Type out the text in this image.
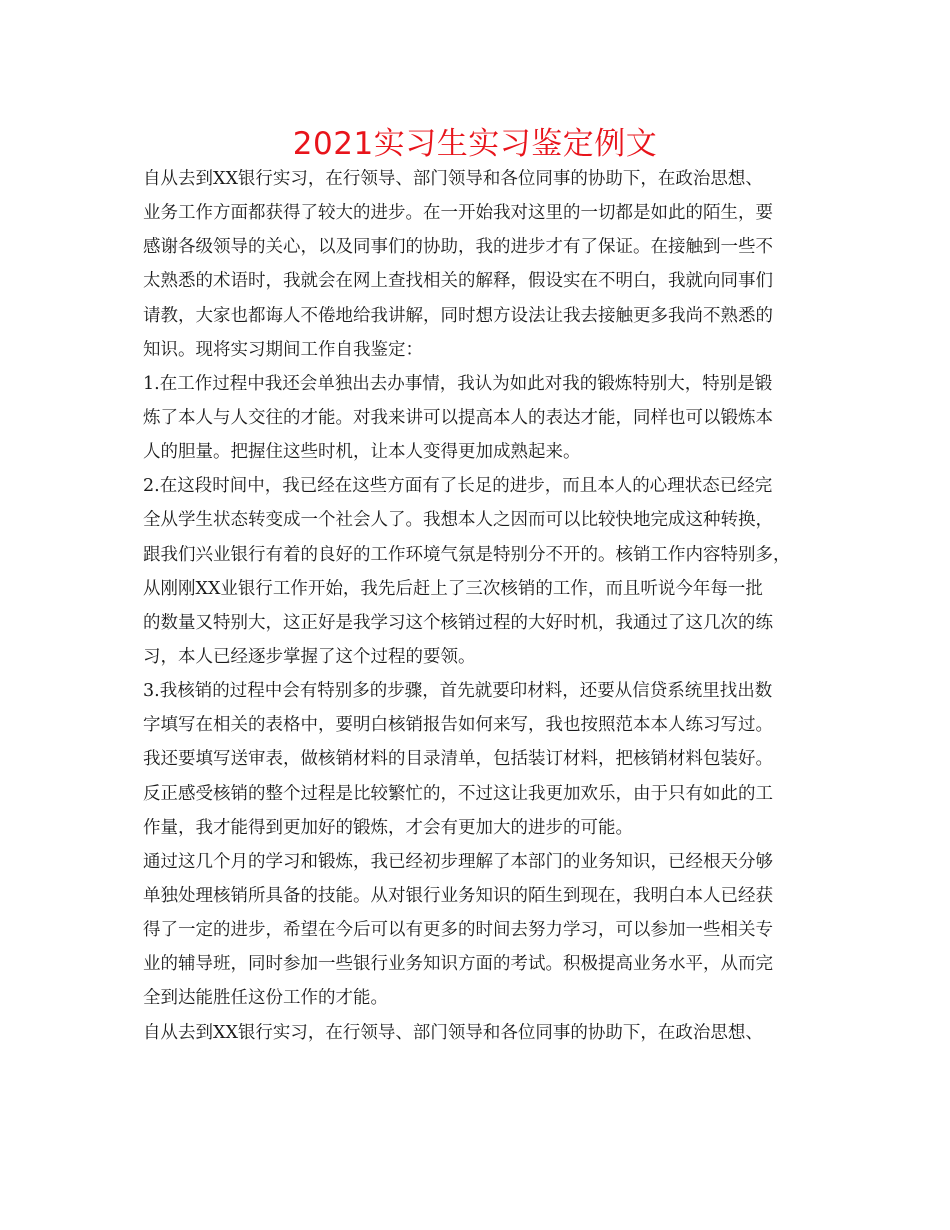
2021实习生实习鉴定例文
自从去到XX银行实习，在行领导、部门领导和各位同事的协助下，在政治思想、
业务工作方面都获得了较大的进步。在一开始我对这里的一切都是如此的陌生，要
感谢各级领导的关心，以及同事们的协助，我的进步才有了保证。在接触到一些不
太熟悉的术语时，我就会在网上查找相关的解释，假设实在不明白，我就向同事们
请教，大家也都诲人不倦地给我讲解，同时想方设法让我去接触更多我尚不熟悉的
知识。现将实习期间工作自我鉴定：
1.在工作过程中我还会单独出去办事情，我认为如此对我的锻炼特别大，特别是锻
炼了本人与人交往的才能。对我来讲可以提高本人的表达才能，同样也可以锻炼本
人的胆量。把握住这些时机，让本人变得更加成熟起来。
2.在这段时间中，我已经在这些方面有了长足的进步，而且本人的心理状态已经完
全从学生状态转变成一个社会人了。我想本人之因而可以比较快地完成这种转换，
跟我们兴业银行有着的良好的工作环境气氛是特别分不开的。核销工作内容特别多，
从刚刚XX业银行工作开始，我先后赶上了三次核销的工作，而且听说今年每一批
的数量又特别大，这正好是我学习这个核销过程的大好时机，我通过了这几次的练
习，本人已经逐步掌握了这个过程的要领。
3.我核销的过程中会有特别多的步骤，首先就要印材料，还要从信贷系统里找出数
字填写在相关的表格中，要明白核销报告如何来写，我也按照范本本人练习写过。
我还要填写送审表，做核销材料的目录清单，包括装订材料，把核销材料包装好。
反正感受核销的整个过程是比较繁忙的，不过这让我更加欢乐，由于只有如此的工
作量，我才能得到更加好的锻炼，才会有更加大的进步的可能。
通过这几个月的学习和锻炼，我已经初步理解了本部门的业务知识，已经根天分够
单独处理核销所具备的技能。从对银行业务知识的陌生到现在，我明白本人已经获
得了一定的进步，希望在今后可以有更多的时间去努力学习，可以参加一些相关专
业的辅导班，同时参加一些银行业务知识方面的考试。积极提高业务水平，从而完
全到达能胜任这份工作的才能。
自从去到XX银行实习，在行领导、部门领导和各位同事的协助下，在政治思想、
